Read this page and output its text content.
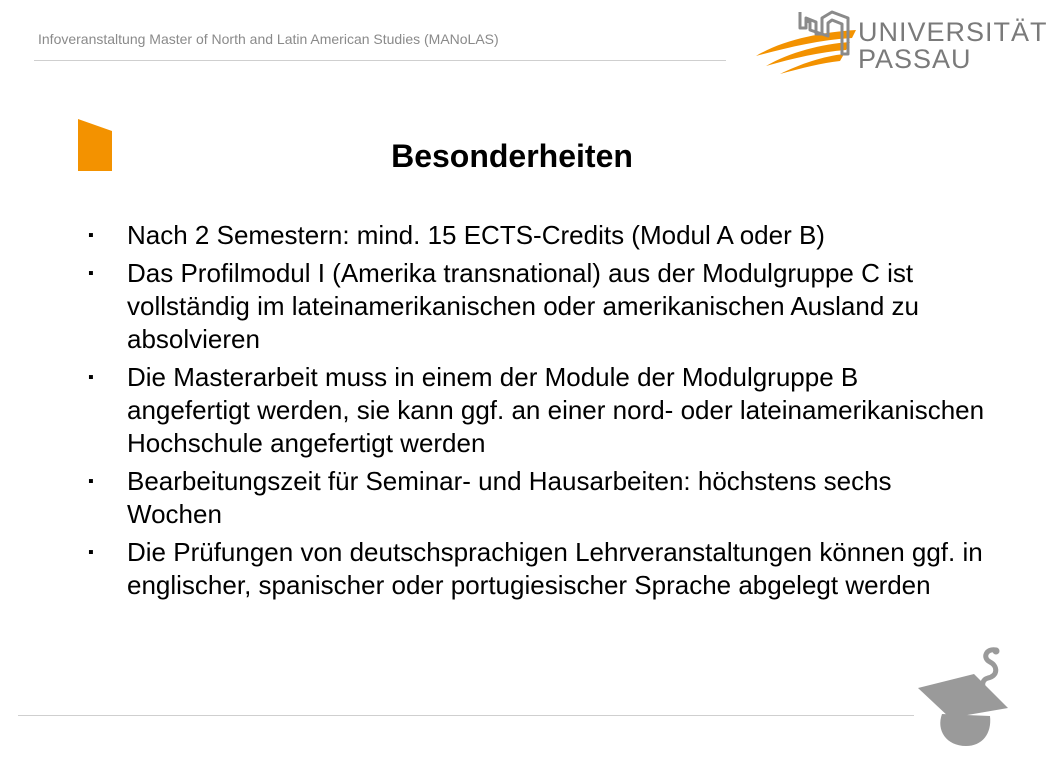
Infoveranstaltung Master of North and Latin American Studies (MANoLAS)	UNIVERSITÄT
PASSAU
Besonderheiten
▪ Nach 2 Semestern: mind. 15 ECTS-Credits (Modul A oder B)
▪ Das Profilmodul I (Amerika transnational) aus der Modulgruppe C ist vollständig im lateinamerikanischen oder amerikanischen Ausland zu absolvieren
▪ Die Masterarbeit muss in einem der Module der Modulgruppe B angefertigt werden, sie kann ggf. an einer nord- oder lateinamerikanischen Hochschule angefertigt werden
▪ Bearbeitungszeit für Seminar- und Hausarbeiten: höchstens sechs Wochen
▪ Die Prüfungen von deutschsprachigen Lehrveranstaltungen können ggf. in englischer, spanischer oder portugiesischer Sprache abgelegt werden
